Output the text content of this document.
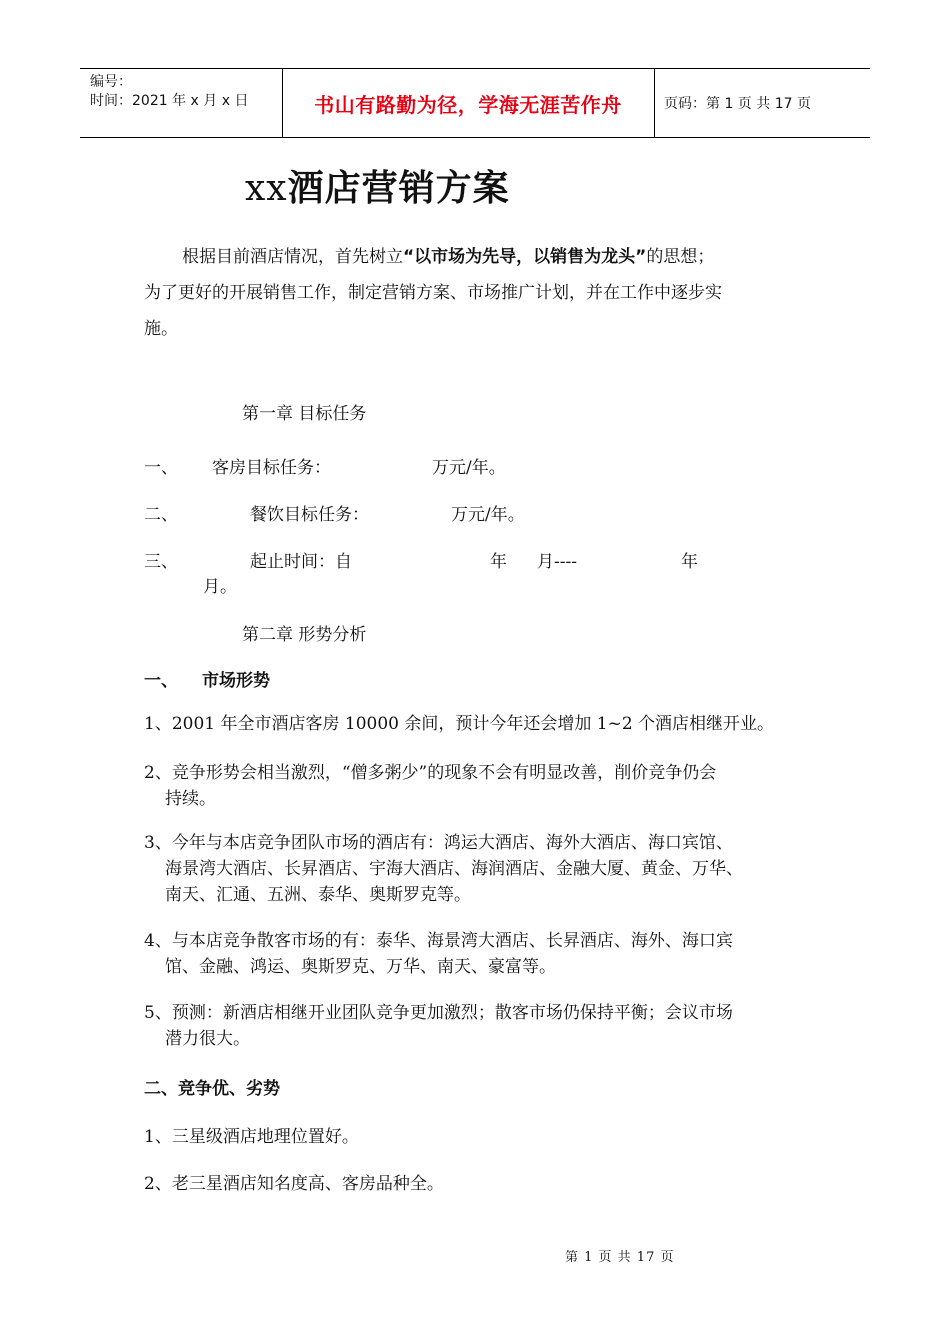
编号：
时间：2021 年 x 月 x 日	书山有路勤为径，学海无涯苦作舟	页码：第 1 页 共 17 页
xx酒店营销方案
根据目前酒店情况，首先树立“以市场为先导，以销售为龙头”的思想；
为了更好的开展销售工作，制定营销方案、市场推广计划，并在工作中逐步实
施。
第一章 目标任务
一、 客房目标任务：	万元/年。
二、	餐饮目标任务：	万元/年。
三、	起止时间：自	年 月----	年
月。
第二章 形势分析
一、 市场形势
1、2001 年全市酒店客房 10000 余间，预计今年还会增加 1~2 个酒店相继开业。
2、竞争形势会相当激烈，“僧多粥少”的现象不会有明显改善，削价竞争仍会
持续。
3、今年与本店竞争团队市场的酒店有：鸿运大酒店、海外大酒店、海口宾馆、
海景湾大酒店、长昇酒店、宇海大酒店、海润酒店、金融大厦、黄金、万华、
南天、汇通、五洲、泰华、奥斯罗克等。
4、与本店竞争散客市场的有：泰华、海景湾大酒店、长昇酒店、海外、海口宾
馆、金融、鸿运、奥斯罗克、万华、南天、豪富等。
5、预测：新酒店相继开业团队竞争更加激烈；散客市场仍保持平衡；会议市场
潜力很大。
二、竞争优、劣势
1、三星级酒店地理位置好。
2、老三星酒店知名度高、客房品种全。
第 1 页 共 17 页
